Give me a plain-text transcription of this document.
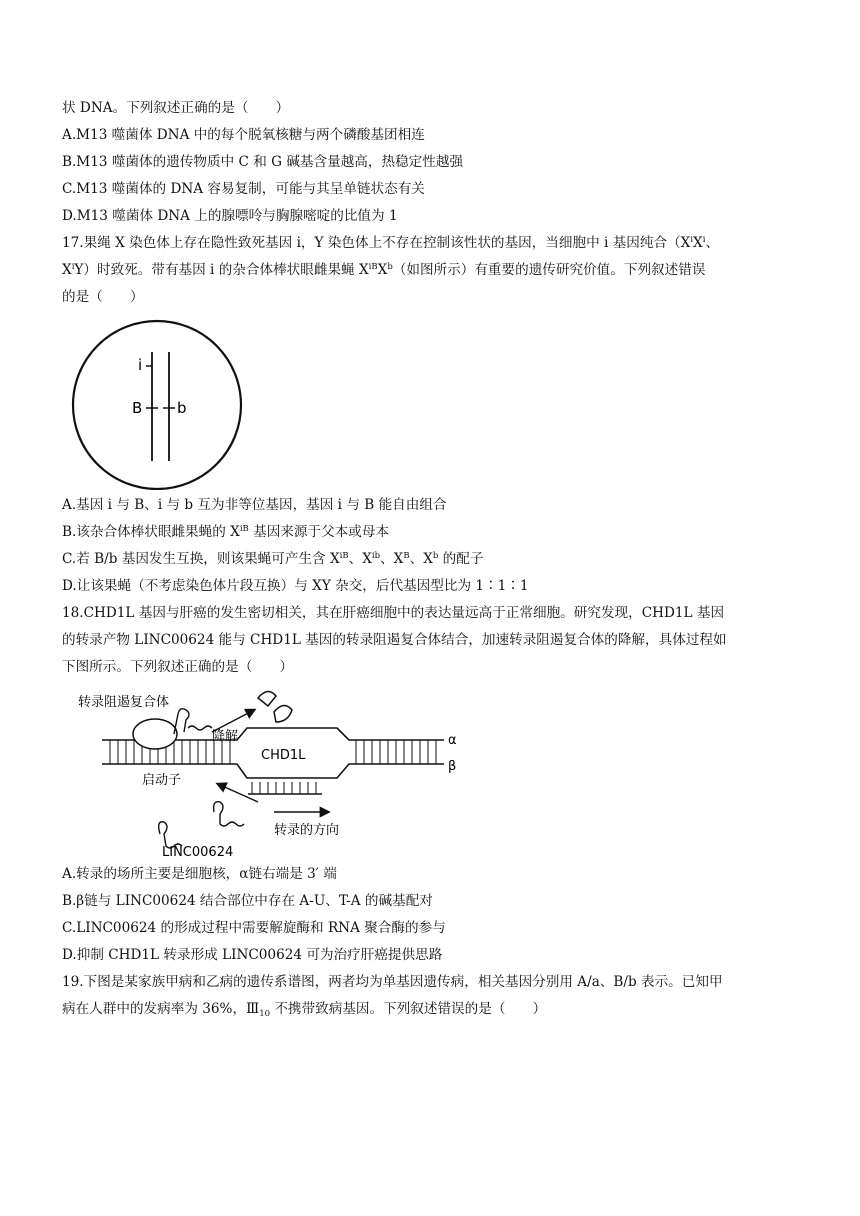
状 DNA。下列叙述正确的是（　　）
A.M13 噬菌体 DNA 中的每个脱氧核糖与两个磷酸基团相连
B.M13 噬菌体的遗传物质中 C 和 G 碱基含量越高，热稳定性越强
C.M13 噬菌体的 DNA 容易复制，可能与其呈单链状态有关
D.M13 噬菌体 DNA 上的腺嘌呤与胸腺嘧啶的比值为 1
17.果绳 X 染色体上存在隐性致死基因 i，Y 染色体上不存在控制该性状的基因，当细胞中 i 基因纯合（$X^iX^i$、
$X^iY$）时致死。带有基因 i 的杂合体棒状眼雌果蝇 $X^{iB}X^b$（如图所示）有重要的遗传研究价值。下列叙述错误
的是（　　）
i
B b
A.基因 i 与 B、i 与 b 互为非等位基因，基因 i 与 B 能自由组合
B.该杂合体棒状眼雌果蝇的 $X^{iB}$ 基因来源于父本或母本
C.若 B/b 基因发生互换，则该果蝇可产生含 $X^{iB}$、$X^{ib}$、$X^B$、$X^b$ 的配子
D.让该果蝇（不考虑染色体片段互换）与 XY 杂交，后代基因型比为 1∶1∶1
18.CHD1L 基因与肝癌的发生密切相关，其在肝癌细胞中的表达量远高于正常细胞。研究发现，CHD1L 基因
的转录产物 LINC00624 能与 CHD1L 基因的转录阻遏复合体结合，加速转录阻遏复合体的降解，具体过程如
下图所示。下列叙述正确的是（　　）
转录阻遏复合体
CHD1L
α
β
降解
启动子
转录的方向
LINC00624
A.转录的场所主要是细胞核，α链右端是 3′ 端
B.β链与 LINC00624 结合部位中存在 A-U、T-A 的碱基配对
C.LINC00624 的形成过程中需要解旋酶和 RNA 聚合酶的参与
D.抑制 CHD1L 转录形成 LINC00624 可为治疗肝癌提供思路
19.下图是某家族甲病和乙病的遗传系谱图，两者均为单基因遗传病，相关基因分别用 A/a、B/b 表示。已知甲
病在人群中的发病率为 36%，$Ⅲ_{10}$ 不携带致病基因。下列叙述错误的是（　　）
